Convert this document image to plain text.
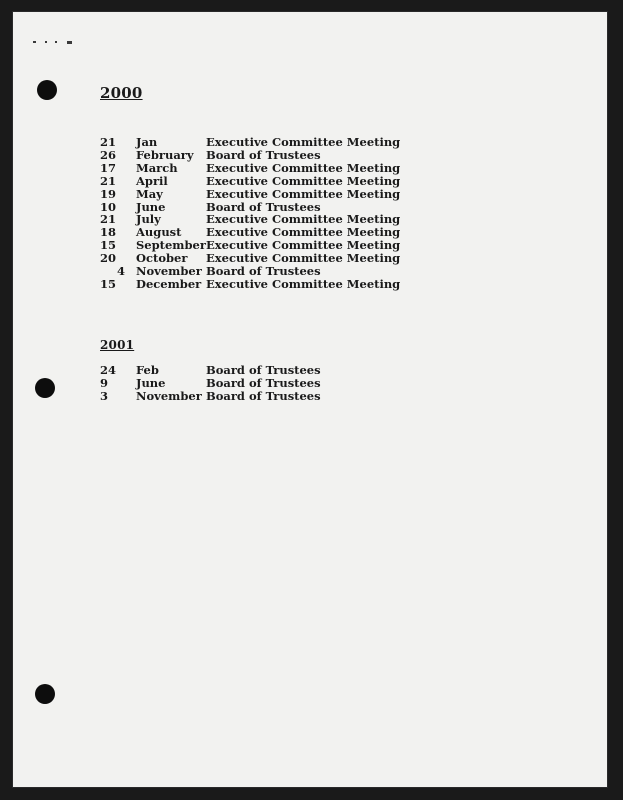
2000
21	Jan	Executive Committee Meeting
26	February	Board of Trustees
17	March	Executive Committee Meeting
21	April	Executive Committee Meeting
19	May	Executive Committee Meeting
10	June	Board of Trustees
21	July	Executive Committee Meeting
18	August	Executive Committee Meeting
15	September Executive Committee Meeting
20	October	Executive Committee Meeting
4 November Board of Trustees
15	December Executive Committee Meeting
2001
24	Feb	Board of Trustees
9	June	Board of Trustees
3	November Board of Trustees
